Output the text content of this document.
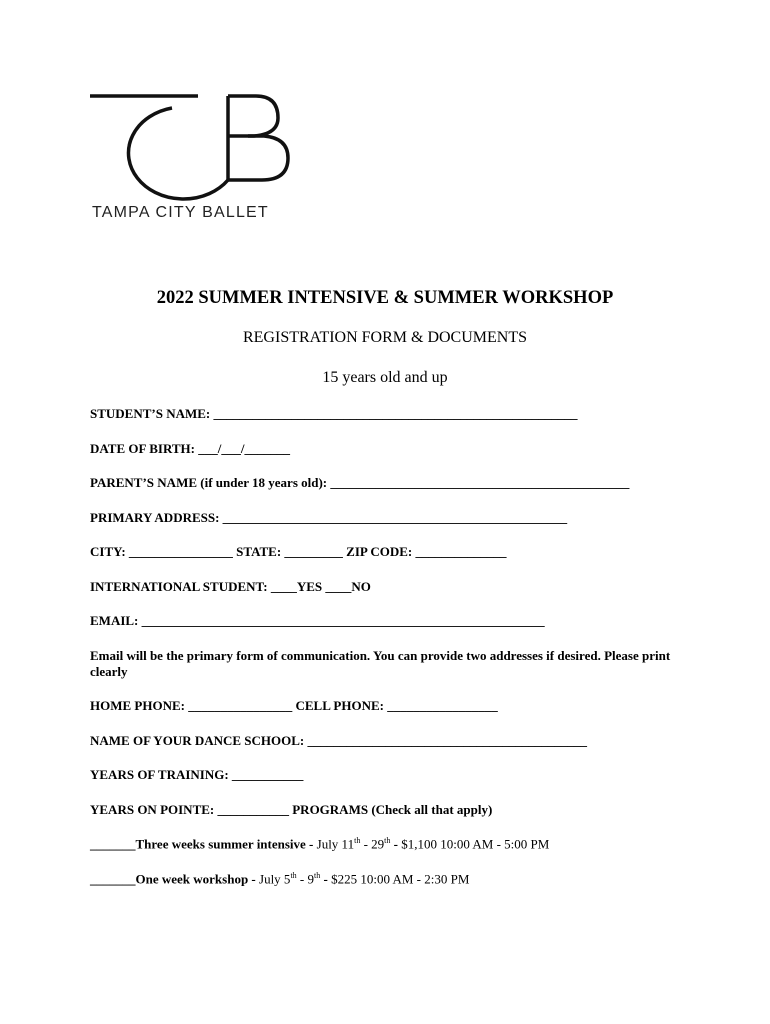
TAMPA CITY BALLET
2022 SUMMER INTENSIVE & SUMMER WORKSHOP
REGISTRATION FORM & DOCUMENTS
15 years old and up
STUDENT’S NAME: ________________________________________________________
DATE OF BIRTH: ___/___/_______
PARENT’S NAME (if under 18 years old): ______________________________________________
PRIMARY ADDRESS: _____________________________________________________
CITY: ________________ STATE: _________ ZIP CODE: ______________
INTERNATIONAL STUDENT: ____YES ____NO
EMAIL: ______________________________________________________________
Email will be the primary form of communication. You can provide two addresses if desired. Please print clearly
HOME PHONE: ________________ CELL PHONE: _________________
NAME OF YOUR DANCE SCHOOL: ___________________________________________
YEARS OF TRAINING: ___________
YEARS ON POINTE: ___________ PROGRAMS (Check all that apply)
_______Three weeks summer intensive - July 11th - 29th - $1,100 10:00 AM - 5:00 PM
_______One week workshop - July 5th - 9th - $225 10:00 AM - 2:30 PM
